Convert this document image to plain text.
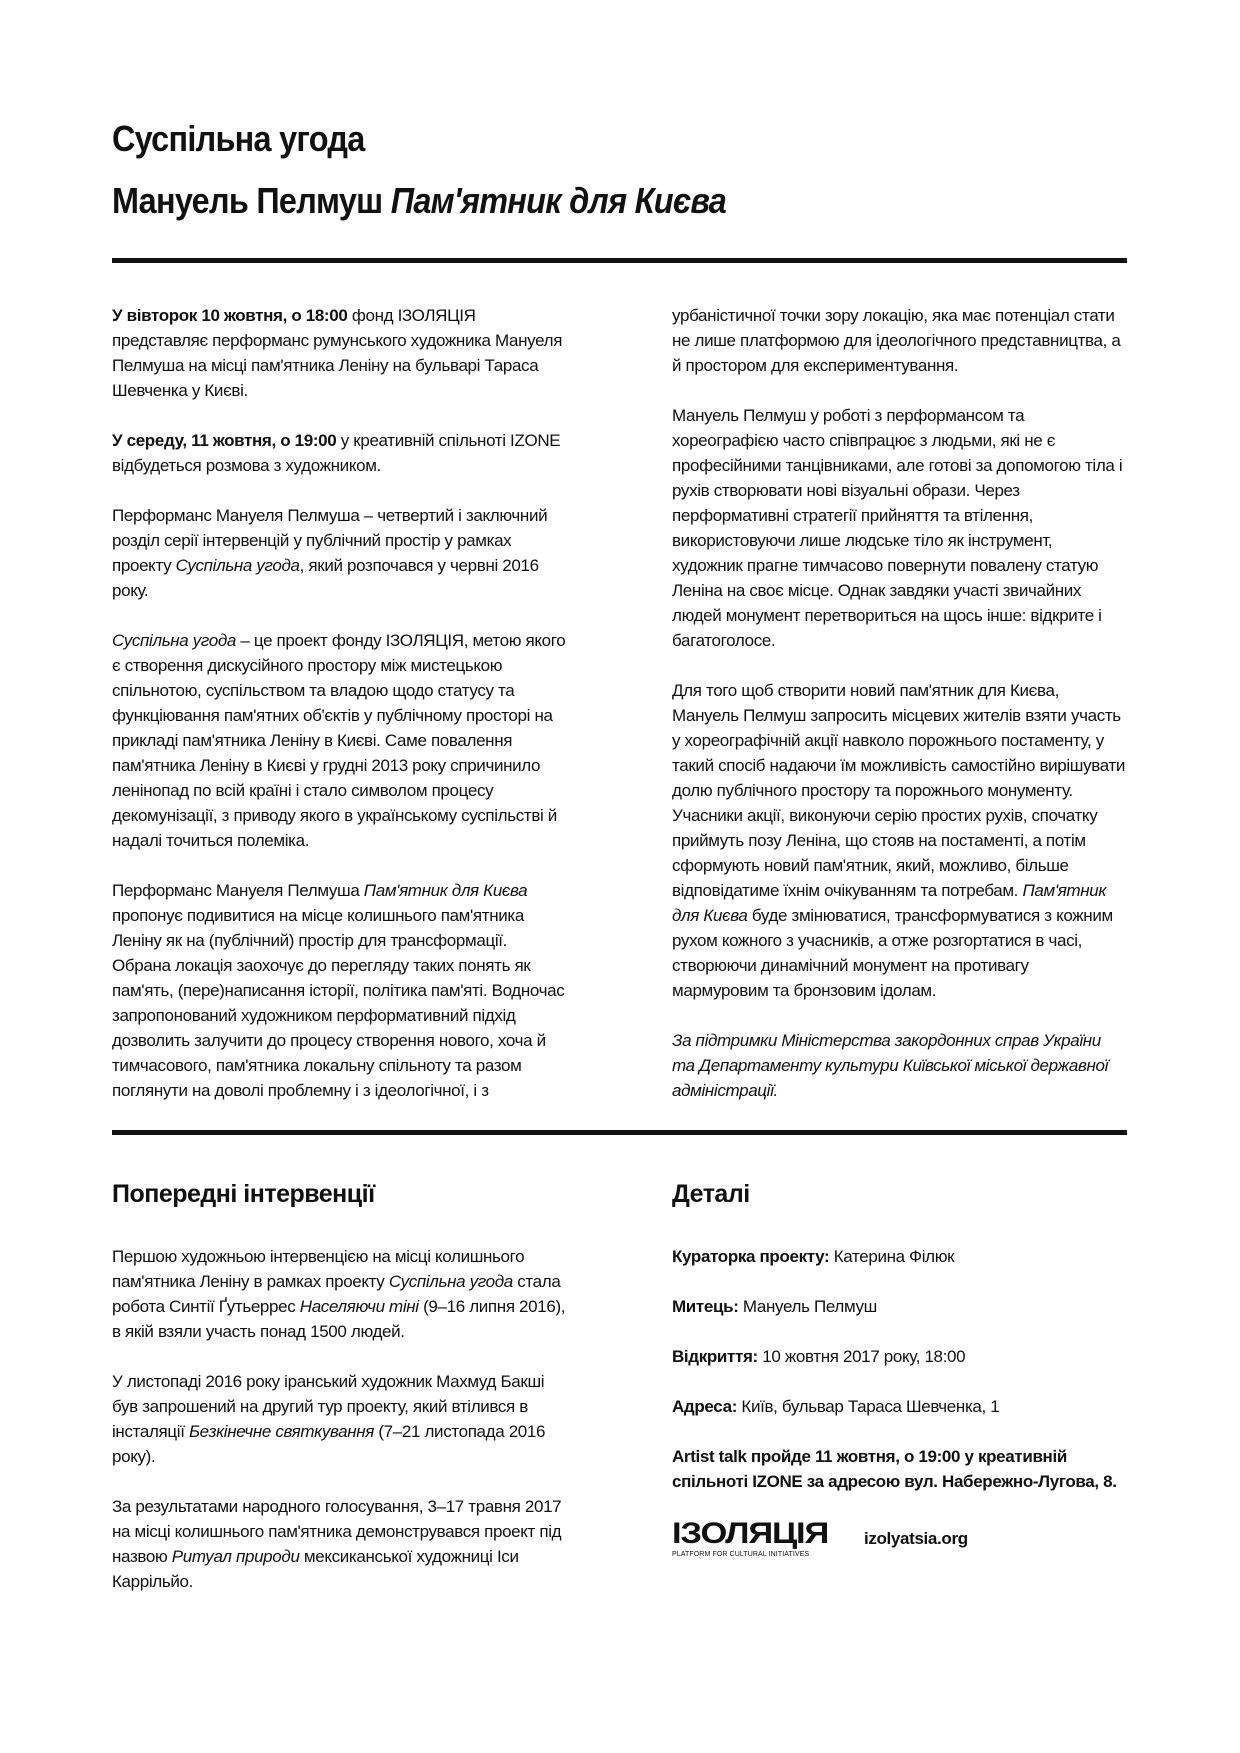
Суспільна угода
Мануель Пелмуш Пам'ятник для Києва

У вівторок 10 жовтня, о 18:00 фонд ІЗОЛЯЦІЯ представляє перформанс румунського художника Мануеля Пелмуша на місці пам'ятника Леніну на бульварі Тараса Шевченка у Києві.

У середу, 11 жовтня, о 19:00 у креативній спільноті IZONE відбудеться розмова з художником.

Перформанс Мануеля Пелмуша – четвертий і заключний розділ серії інтервенцій у публічний простір у рамках проекту Суспільна угода, який розпочався у червні 2016 року.

Суспільна угода – це проект фонду ІЗОЛЯЦІЯ, метою якого є створення дискусійного простору між мистецькою спільнотою, суспільством та владою щодо статусу та функціювання пам'ятних об'єктів у публічному просторі на прикладі пам'ятника Леніну в Києві. Саме повалення пам'ятника Леніну в Києві у грудні 2013 року спричинило ленінопад по всій країні і стало символом процесу декомунізації, з приводу якого в українському суспільстві й надалі точиться полеміка.

Перформанс Мануеля Пелмуша Пам'ятник для Києва пропонує подивитися на місце колишнього пам'ятника Леніну як на (публічний) простір для трансформації. Обрана локація заохочує до перегляду таких понять як пам'ять, (пере)написання історії, політика пам'яті. Водночас запропонований художником перформативний підхід дозволить залучити до процесу створення нового, хоча й тимчасового, пам'ятника локальну спільноту та разом поглянути на доволі проблемну і з ідеологічної, і з

урбаністичної точки зору локацію, яка має потенціал стати не лише платформою для ідеологічного представництва, а й простором для експериментування.

Мануель Пелмуш у роботі з перформансом та хореографією часто співпрацює з людьми, які не є професійними танцівниками, але готові за допомогою тіла і рухів створювати нові візуальні образи. Через перформативні стратегії прийняття та втілення, використовуючи лише людське тіло як інструмент, художник прагне тимчасово повернути повалену статую Леніна на своє місце. Однак завдяки участі звичайних людей монумент перетвориться на щось інше: відкрите і багатоголосе.

Для того щоб створити новий пам'ятник для Києва, Мануель Пелмуш запросить місцевих жителів взяти участь у хореографічній акції навколо порожнього постаменту, у такий спосіб надаючи їм можливість самостійно вирішувати долю публічного простору та порожнього монументу. Учасники акції, виконуючи серію простих рухів, спочатку приймуть позу Леніна, що стояв на постаменті, а потім сформують новий пам'ятник, який, можливо, більше відповідатиме їхнім очікуванням та потребам. Пам'ятник для Києва буде змінюватися, трансформуватися з кожним рухом кожного з учасників, а отже розгортатися в часі, створюючи динамічний монумент на противагу мармуровим та бронзовим ідолам.

За підтримки Міністерства закордонних справ України та Департаменту культури Київської міської державної адміністрації.

Попередні інтервенції

Першою художньою інтервенцією на місці колишнього пам'ятника Леніну в рамках проекту Суспільна угода стала робота Синтії Ґутьеррес Населяючи тіні (9–16 липня 2016), в якій взяли участь понад 1500 людей.

У листопаді 2016 року іранський художник Махмуд Бакші був запрошений на другий тур проекту, який втілився в інсталяції Безкінечне святкування (7–21 листопада 2016 року).

За результатами народного голосування, 3–17 травня 2017 на місці колишнього пам'ятника демонструвався проект під назвою Ритуал природи мексиканської художниці Іси Каррільйо.

Деталі

Кураторка проекту: Катерина Філюк

Митець: Мануель Пелмуш

Відкриття: 10 жовтня 2017 року, 18:00

Адреса: Київ, бульвар Тараса Шевченка, 1

Artist talk пройде 11 жовтня, о 19:00 у креативній спільноті IZONE за адресою вул. Набережно-Лугова, 8.

ІЗОЛЯЦІЯ
PLATFORM FOR CULTURAL INITIATIVES
izolyatsia.org
